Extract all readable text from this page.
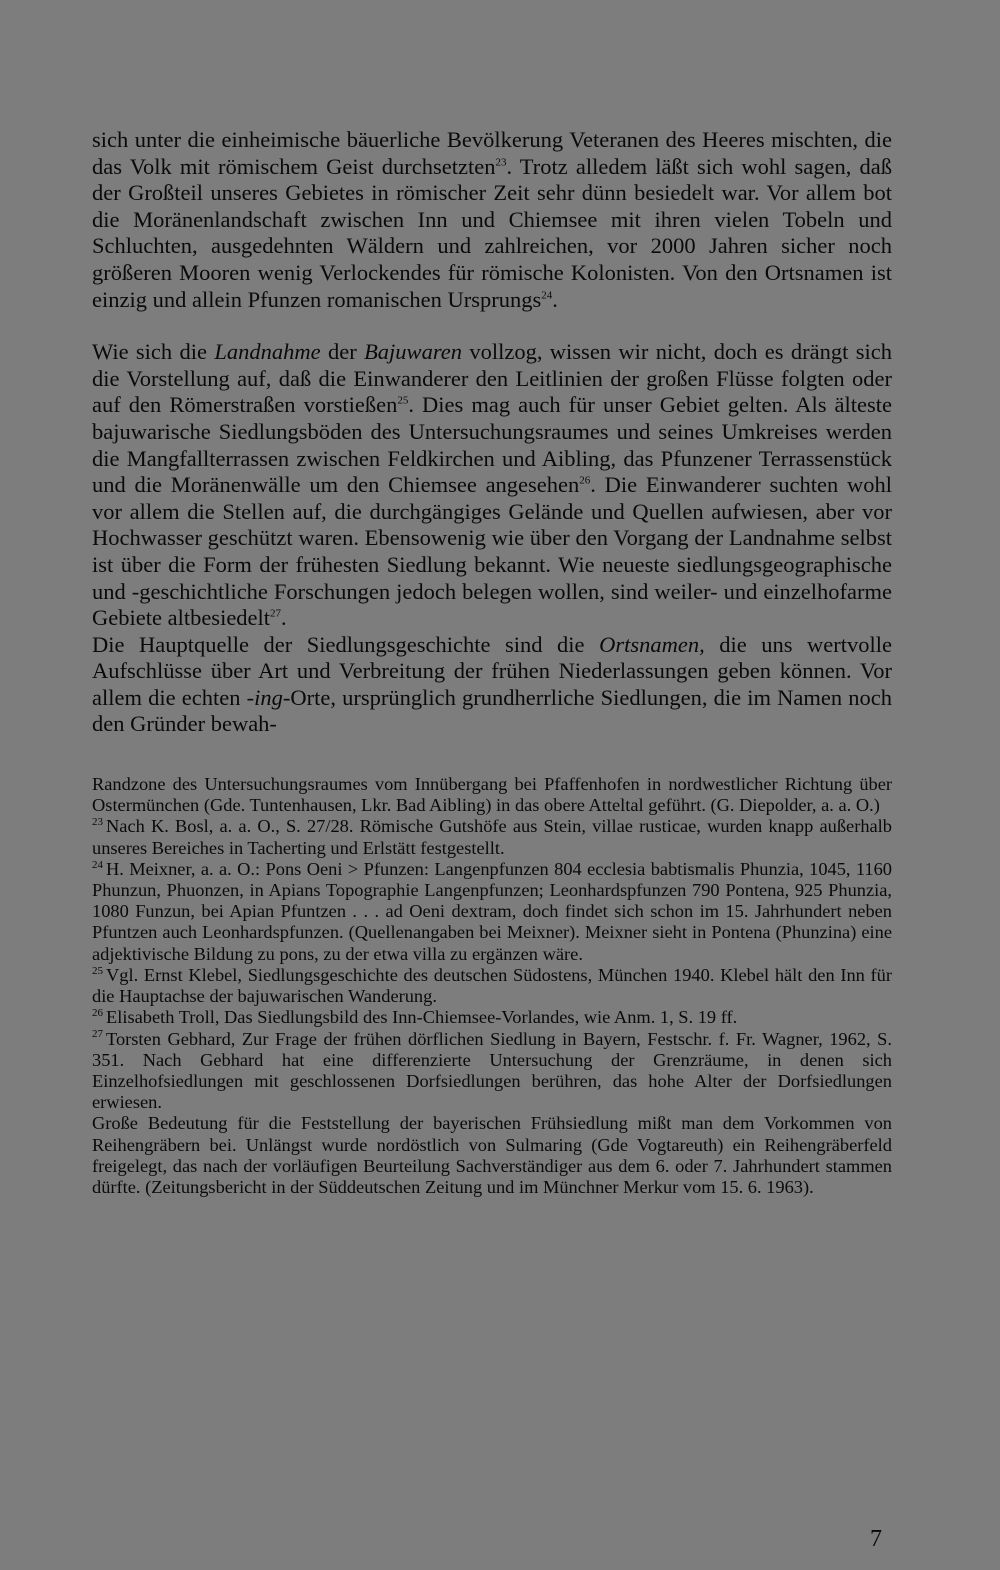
sich unter die einheimische bäuerliche Bevölkerung Veteranen des Heeres mischten, die das Volk mit römischem Geist durchsetzten$^{23}$. Trotz alledem läßt sich wohl sagen, daß der Großteil unseres Gebietes in römischer Zeit sehr dünn besiedelt war. Vor allem bot die Moränenlandschaft zwischen Inn und Chiemsee mit ihren vielen Tobeln und Schluchten, ausgedehnten Wäldern und zahlreichen, vor 2000 Jahren sicher noch größeren Mooren wenig Verlockendes für römische Kolonisten. Von den Ortsnamen ist einzig und allein Pfunzen romanischen Ursprungs$^{24}$.

Wie sich die Landnahme der Bajuwaren vollzog, wissen wir nicht, doch es drängt sich die Vorstellung auf, daß die Einwanderer den Leitlinien der großen Flüsse folgten oder auf den Römerstraßen vorstießen$^{25}$. Dies mag auch für unser Gebiet gelten. Als älteste bajuwarische Siedlungsböden des Untersuchungsraumes und seines Umkreises werden die Mangfallterrassen zwischen Feldkirchen und Aibling, das Pfunzener Terrassenstück und die Moränenwälle um den Chiemsee angesehen$^{26}$. Die Einwanderer suchten wohl vor allem die Stellen auf, die durchgängiges Gelände und Quellen aufwiesen, aber vor Hochwasser geschützt waren. Ebensowenig wie über den Vorgang der Landnahme selbst ist über die Form der frühesten Siedlung bekannt. Wie neueste siedlungsgeographische und -geschichtliche Forschungen jedoch belegen wollen, sind weiler- und einzelhofarme Gebiete altbesiedelt$^{27}$.

Die Hauptquelle der Siedlungsgeschichte sind die Ortsnamen, die uns wertvolle Aufschlüsse über Art und Verbreitung der frühen Niederlassungen geben können. Vor allem die echten -ing-Orte, ursprünglich grundherrliche Siedlungen, die im Namen noch den Gründer bewah-

Randzone des Untersuchungsraumes vom Innübergang bei Pfaffenhofen in nordwestlicher Richtung über Ostermünchen (Gde. Tuntenhausen, Lkr. Bad Aibling) in das obere Atteltal geführt. (G. Diepolder, a. a. O.)

$^{23}$ Nach K. Bosl, a. a. O., S. 27/28. Römische Gutshöfe aus Stein, villae rusticae, wurden knapp außerhalb unseres Bereiches in Tacherting und Erlstätt festgestellt.

$^{24}$ H. Meixner, a. a. O.: Pons Oeni > Pfunzen: Langenpfunzen 804 ecclesia babtismalis Phunzia, 1045, 1160 Phunzun, Phuonzen, in Apians Topographie Langenpfunzen; Leonhardspfunzen 790 Pontena, 925 Phunzia, 1080 Funzun, bei Apian Pfuntzen . . . ad Oeni dextram, doch findet sich schon im 15. Jahrhundert neben Pfuntzen auch Leonhardspfunzen. (Quellenangaben bei Meixner). Meixner sieht in Pontena (Phunzina) eine adjektivische Bildung zu pons, zu der etwa villa zu ergänzen wäre.

$^{25}$ Vgl. Ernst Klebel, Siedlungsgeschichte des deutschen Südostens, München 1940. Klebel hält den Inn für die Hauptachse der bajuwarischen Wanderung.

$^{26}$ Elisabeth Troll, Das Siedlungsbild des Inn-Chiemsee-Vorlandes, wie Anm. 1, S. 19 ff.

$^{27}$ Torsten Gebhard, Zur Frage der frühen dörflichen Siedlung in Bayern, Festschr. f. Fr. Wagner, 1962, S. 351. Nach Gebhard hat eine differenzierte Untersuchung der Grenzräume, in denen sich Einzelhofsiedlungen mit geschlossenen Dorfsiedlungen berühren, das hohe Alter der Dorfsiedlungen erwiesen.

Große Bedeutung für die Feststellung der bayerischen Frühsiedlung mißt man dem Vorkommen von Reihengräbern bei. Unlängst wurde nordöstlich von Sulmaring (Gde Vogtareuth) ein Reihengräberfeld freigelegt, das nach der vorläufigen Beurteilung Sachverständiger aus dem 6. oder 7. Jahrhundert stammen dürfte. (Zeitungsbericht in der Süddeutschen Zeitung und im Münchner Merkur vom 15. 6. 1963).

7
